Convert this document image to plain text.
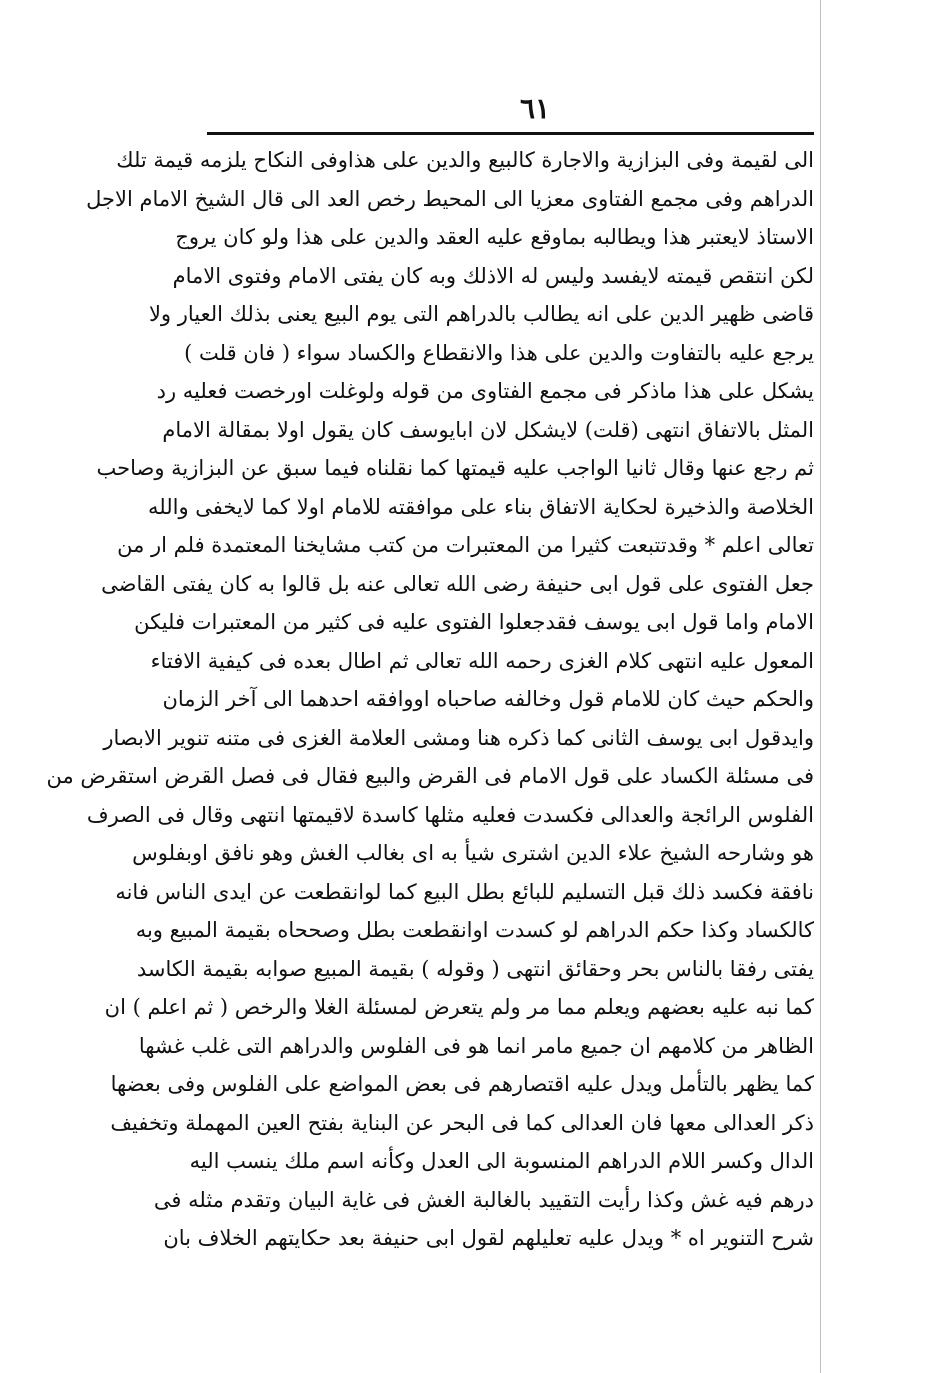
٦١
الى لقيمة وفى البزازية والاجارة كالبيع والدين على هذاوفى النكاح يلزمه قيمة تلك
الدراهم وفى مجمع الفتاوى معزيا الى المحيط رخص العد الى قال الشيخ الامام الاجل
الاستاذ لايعتبر هذا ويطالبه بماوقع عليه العقد والدين على هذا ولو كان يروج
لكن انتقص قيمته لايفسد وليس له الاذلك وبه كان يفتى الامام وفتوى الامام
قاضى ظهير الدين على انه يطالب بالدراهم التى يوم البيع يعنى بذلك العيار ولا
يرجع عليه بالتفاوت والدين على هذا والانقطاع والكساد سواء ( فان قلت )
يشكل على هذا ماذكر فى مجمع الفتاوى من قوله ولوغلت اورخصت فعليه رد
المثل بالاتفاق انتهى (قلت) لايشكل لان ابايوسف كان يقول اولا بمقالة الامام
ثم رجع عنها وقال ثانيا الواجب عليه قيمتها كما نقلناه فيما سبق عن البزازية وصاحب
الخلاصة والذخيرة لحكاية الاتفاق بناء على موافقته للامام اولا كما لايخفى والله
تعالى اعلم * وقدتتبعت كثيرا من المعتبرات من كتب مشايخنا المعتمدة فلم ار من
جعل الفتوى على قول ابى حنيفة رضى الله تعالى عنه بل قالوا به كان يفتى القاضى
الامام واما قول ابى يوسف فقدجعلوا الفتوى عليه فى كثير من المعتبرات فليكن
المعول عليه انتهى كلام الغزى رحمه الله تعالى ثم اطال بعده فى كيفية الافتاء
والحكم حيث كان للامام قول وخالفه صاحباه اووافقه احدهما الى آخر الزمان
وايدقول ابى يوسف الثانى كما ذكره هنا ومشى العلامة الغزى فى متنه تنوير الابصار
فى مسئلة الكساد على قول الامام فى القرض والبيع فقال فى فصل القرض استقرض من
الفلوس الرائجة والعدالى فكسدت فعليه مثلها كاسدة لاقيمتها انتهى وقال فى الصرف
هو وشارحه الشيخ علاء الدين اشترى شيأ به اى بغالب الغش وهو نافق اوبفلوس
نافقة فكسد ذلك قبل التسليم للبائع بطل البيع كما لوانقطعت عن ايدى الناس فانه
كالكساد وكذا حكم الدراهم لو كسدت اوانقطعت بطل وصححاه بقيمة المبيع وبه
يفتى رفقا بالناس بحر وحقائق انتهى ( وقوله ) بقيمة المبيع صوابه بقيمة الكاسد
كما نبه عليه بعضهم ويعلم مما مر ولم يتعرض لمسئلة الغلا والرخص ( ثم اعلم ) ان
الظاهر من كلامهم ان جميع مامر انما هو فى الفلوس والدراهم التى غلب غشها
كما يظهر بالتأمل ويدل عليه اقتصارهم فى بعض المواضع على الفلوس وفى بعضها
ذكر العدالى معها فان العدالى كما فى البحر عن البناية بفتح العين المهملة وتخفيف
الدال وكسر اللام الدراهم المنسوبة الى العدل وكأنه اسم ملك ينسب اليه
درهم فيه غش وكذا رأيت التقييد بالغالبة الغش فى غاية البيان وتقدم مثله فى
شرح التنوير اه * ويدل عليه تعليلهم لقول ابى حنيفة بعد حكايتهم الخلاف بان
